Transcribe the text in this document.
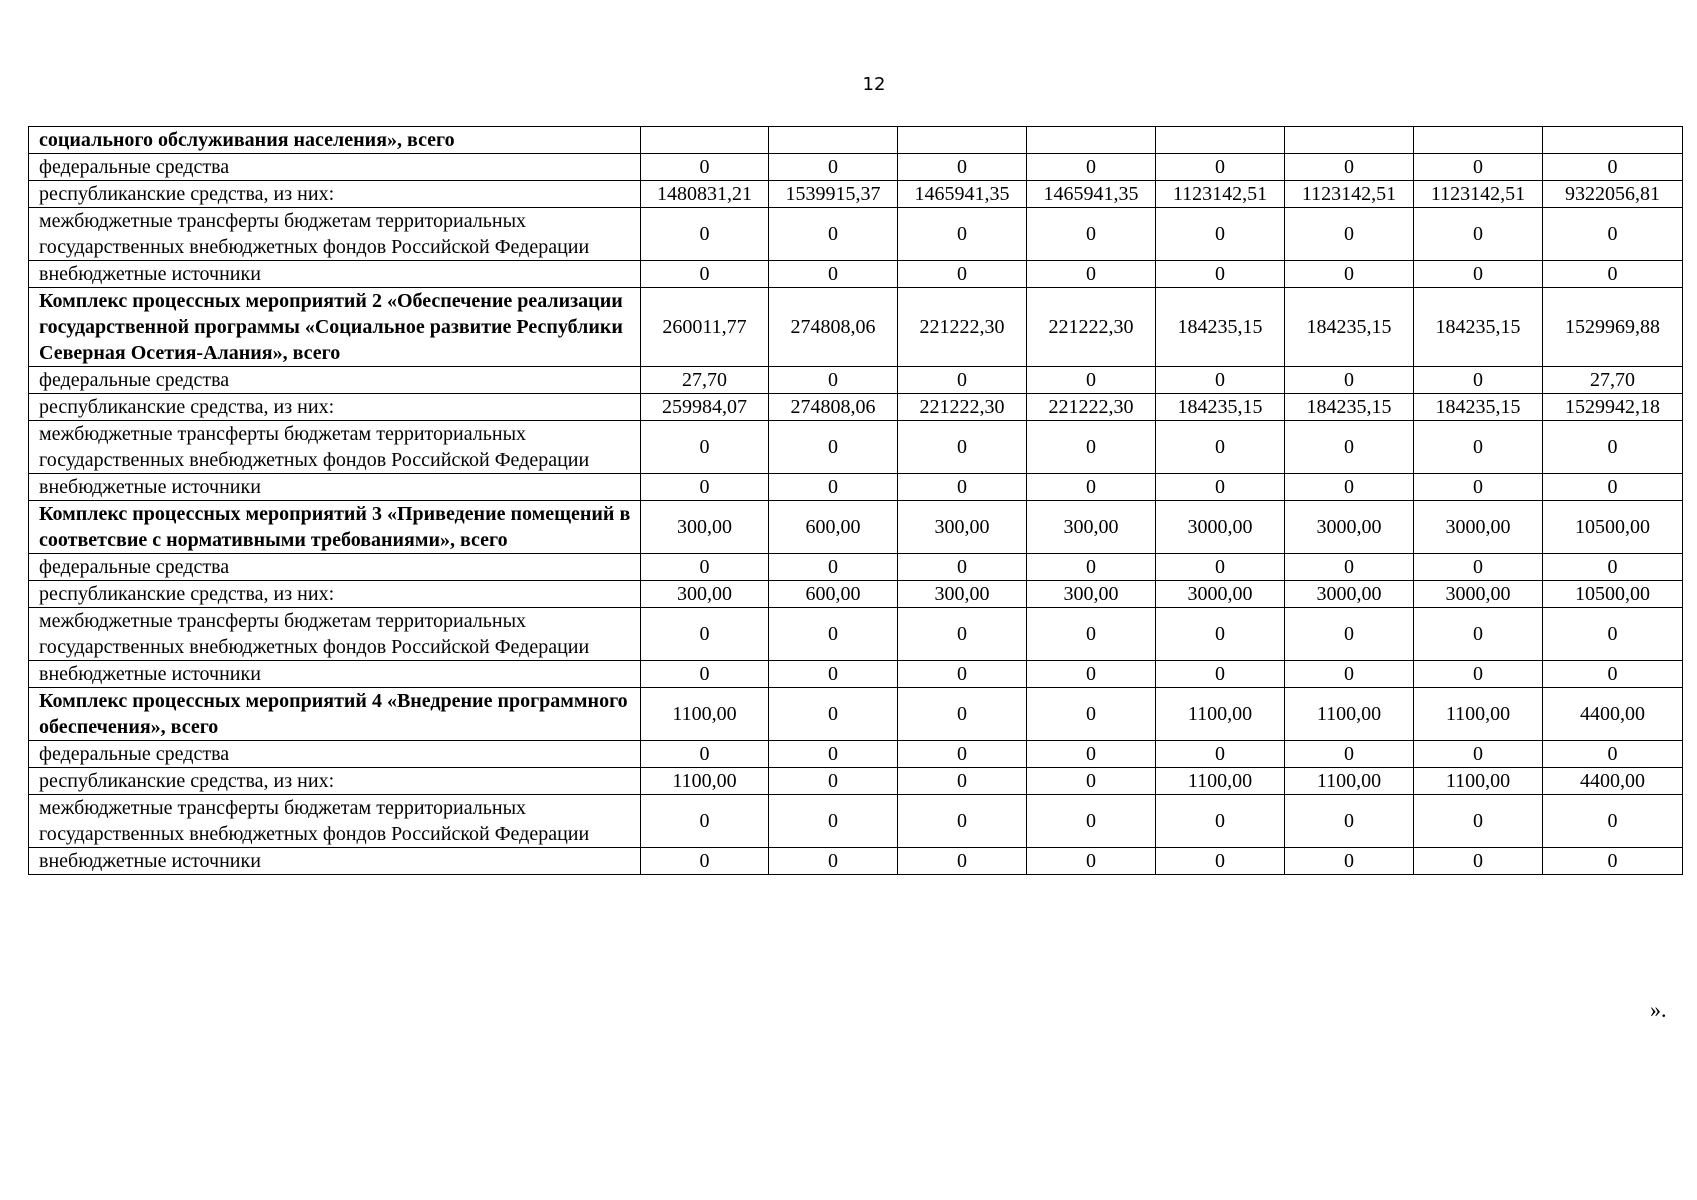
12
социального обслуживания населения», всего								
федеральные средства	0	0	0	0	0	0	0	0
республиканские средства, из них:	1480831,21	1539915,37	1465941,35	1465941,35	1123142,51	1123142,51	1123142,51	9322056,81
межбюджетные трансферты бюджетам территориальных государственных внебюджетных фондов Российской Федерации	0	0	0	0	0	0	0	0
внебюджетные источники	0	0	0	0	0	0	0	0
Комплекс процессных мероприятий 2 «Обеспечение реализации государственной программы «Социальное развитие Республики Северная Осетия-Алания», всего	260011,77	274808,06	221222,30	221222,30	184235,15	184235,15	184235,15	1529969,88
федеральные средства	27,70	0	0	0	0	0	0	27,70
республиканские средства, из них:	259984,07	274808,06	221222,30	221222,30	184235,15	184235,15	184235,15	1529942,18
межбюджетные трансферты бюджетам территориальных государственных внебюджетных фондов Российской Федерации	0	0	0	0	0	0	0	0
внебюджетные источники	0	0	0	0	0	0	0	0
Комплекс процессных мероприятий 3 «Приведение помещений в соответсвие с нормативными требованиями», всего	300,00	600,00	300,00	300,00	3000,00	3000,00	3000,00	10500,00
федеральные средства	0	0	0	0	0	0	0	0
республиканские средства, из них:	300,00	600,00	300,00	300,00	3000,00	3000,00	3000,00	10500,00
межбюджетные трансферты бюджетам территориальных государственных внебюджетных фондов Российской Федерации	0	0	0	0	0	0	0	0
внебюджетные источники	0	0	0	0	0	0	0	0
Комплекс процессных мероприятий 4 «Внедрение программного обеспечения», всего	1100,00	0	0	0	1100,00	1100,00	1100,00	4400,00
федеральные средства	0	0	0	0	0	0	0	0
республиканские средства, из них:	1100,00	0	0	0	1100,00	1100,00	1100,00	4400,00
межбюджетные трансферты бюджетам территориальных государственных внебюджетных фондов Российской Федерации	0	0	0	0	0	0	0	0
внебюджетные источники	0	0	0	0	0	0	0	0
».
